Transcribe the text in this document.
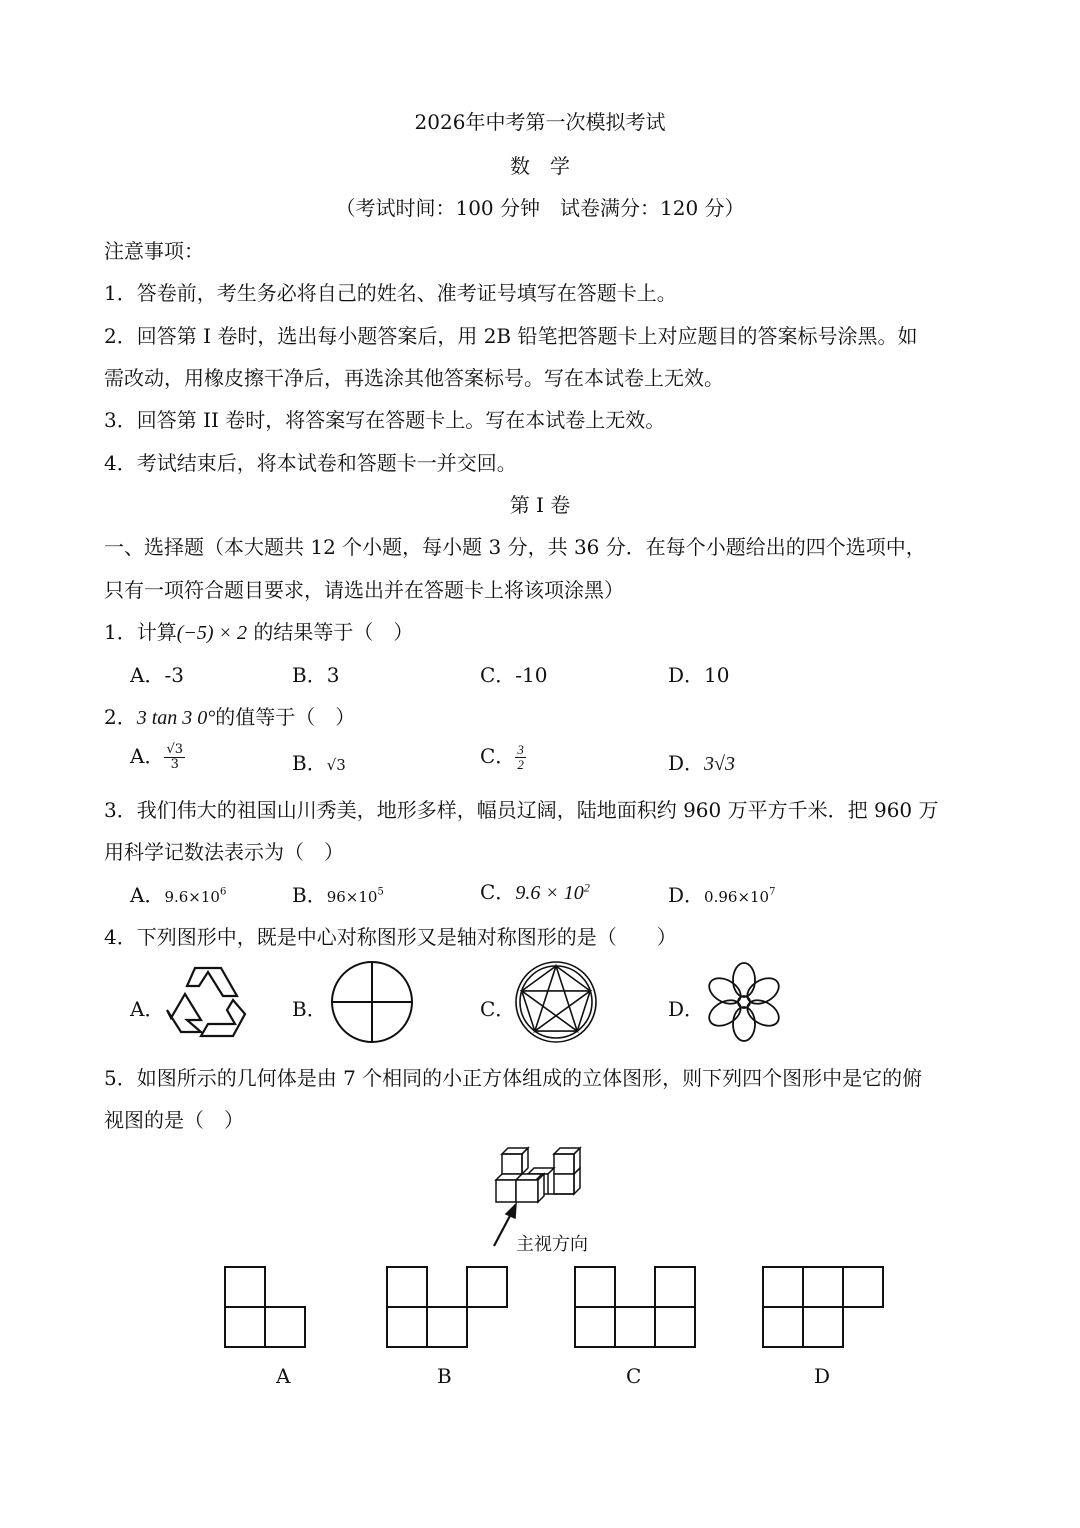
2026年中考第一次模拟考试
数　学
（考试时间：100 分钟　试卷满分：120 分）
注意事项：
1．答卷前，考生务必将自己的姓名、准考证号填写在答题卡上。
2．回答第 I 卷时，选出每小题答案后，用 2B 铅笔把答题卡上对应题目的答案标号涂黑。如
需改动，用橡皮擦干净后，再选涂其他答案标号。写在本试卷上无效。
3．回答第 II 卷时，将答案写在答题卡上。写在本试卷上无效。
4．考试结束后，将本试卷和答题卡一并交回。
第 I 卷
一、选择题（本大题共 12 个小题，每小题 3 分，共 36 分．在每个小题给出的四个选项中，
只有一项符合题目要求，请选出并在答题卡上将该项涂黑）
1．计算(−5) × 2 的结果等于（　）
A．-3	B．3	C．-10	D．10
2．3 tan 3 0°的值等于（　）
A． $\frac{√3}{3}$	B．√3	C． $\frac{3}{2}$	D．3√3
3．我们伟大的祖国山川秀美，地形多样，幅员辽阔，陆地面积约 960 万平方千米．把 960 万
用科学记数法表示为（　）
A．$9.6\times 10^6$	B．$96\times 10^5$	C．$9.6 \times 10^2$	D．$0.96\times 10^7$
4．下列图形中，既是中心对称图形又是轴对称图形的是（　　）
A．	B．	C．	D．
5．如图所示的几何体是由 7 个相同的小正方体组成的立体图形，则下列四个图形中是它的俯
视图的是（　）
主视方向
A	B	C	D
